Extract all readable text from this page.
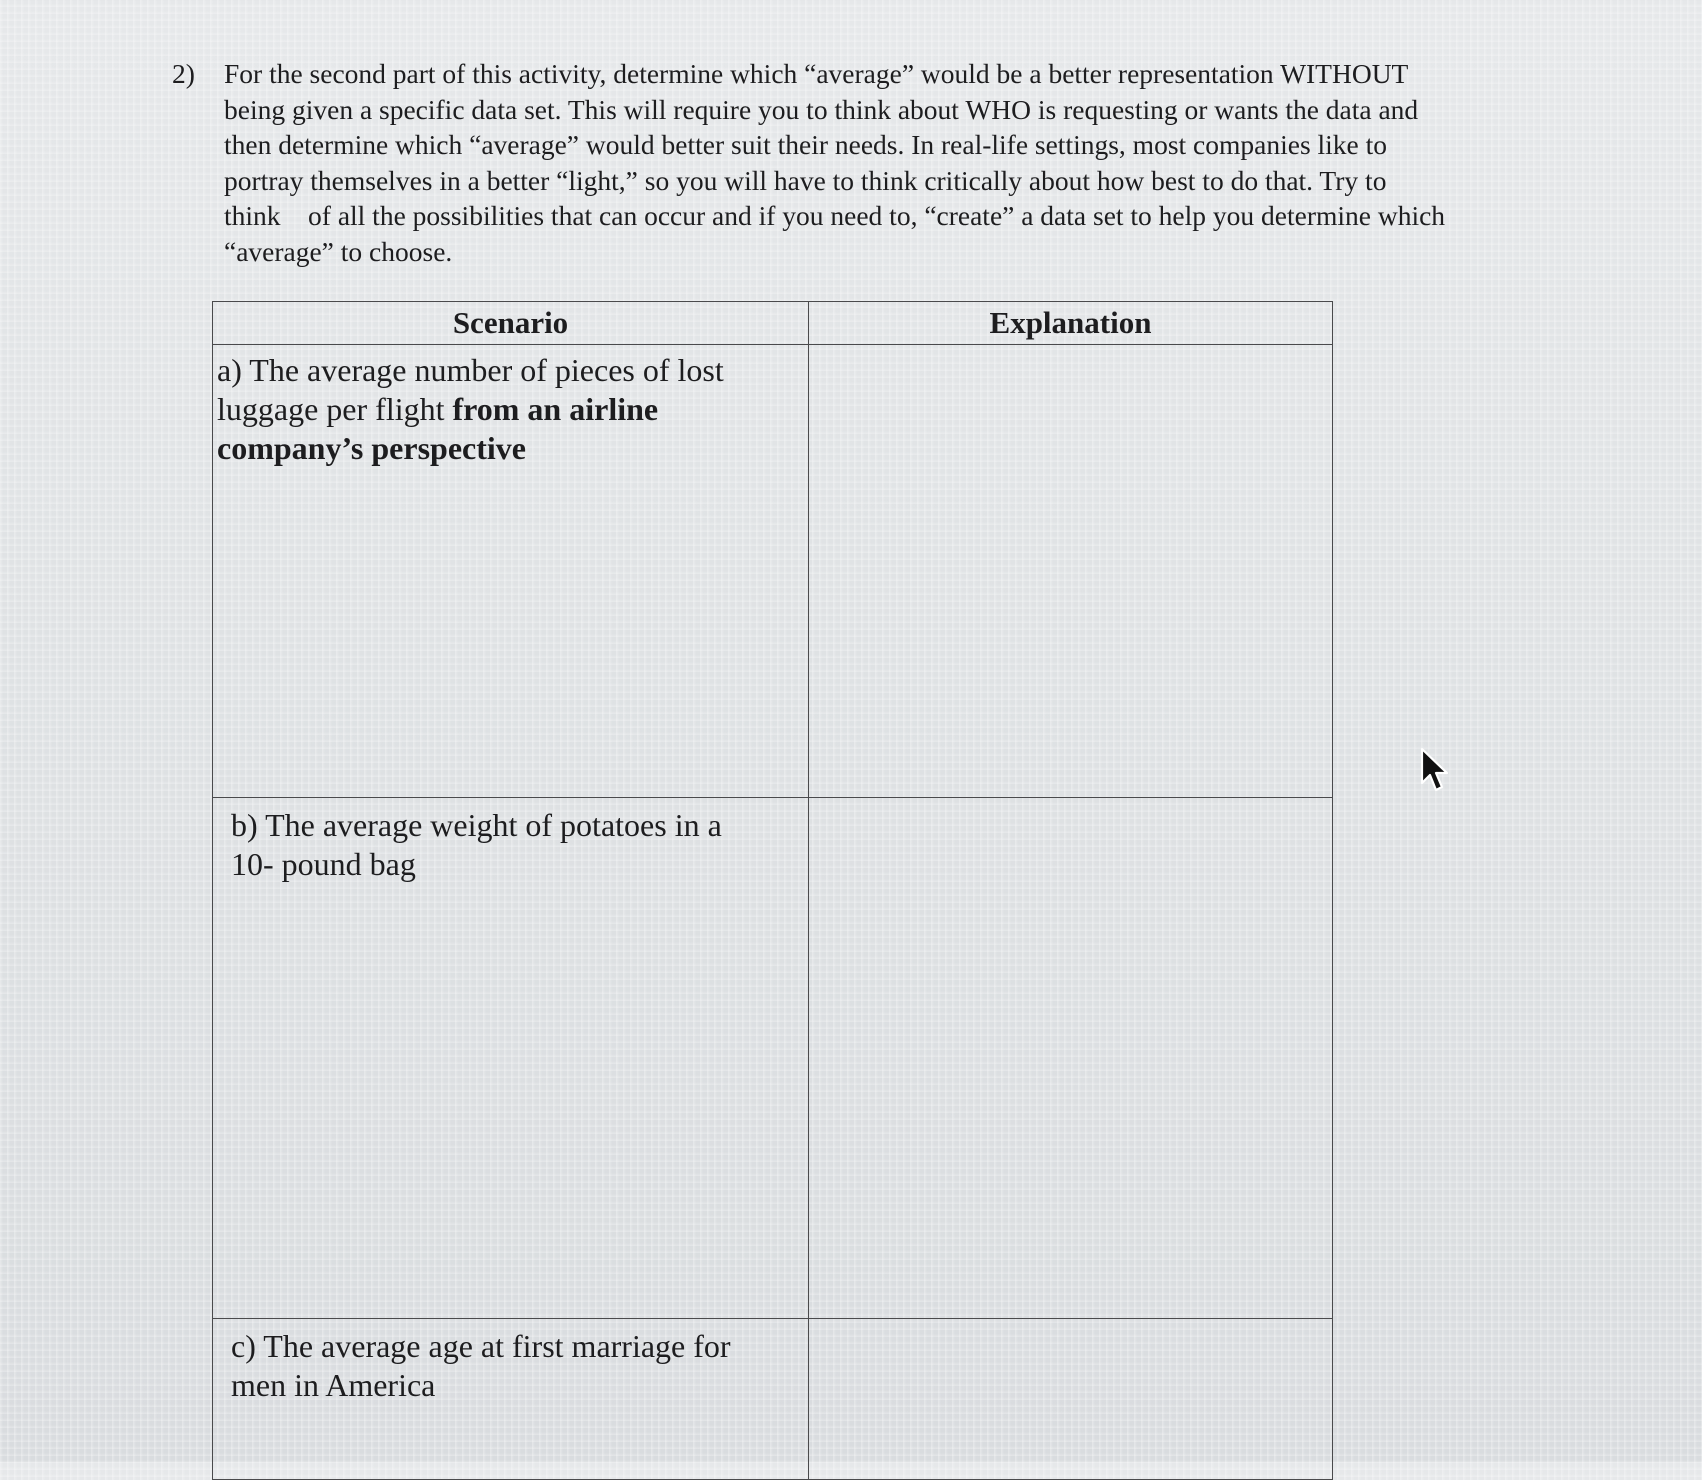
2)	For the second part of this activity, determine which “average” would be a better representation WITHOUT
being given a specific data set. This will require you to think about WHO is requesting or wants the data and
then determine which “average” would better suit their needs. In real-life settings, most companies like to
portray themselves in a better “light,” so you will have to think critically about how best to do that. Try to
think    of all the possibilities that can occur and if you need to, “create” a data set to help you determine which
“average” to choose.
Scenario	Explanation

a) The average number of pieces of lost
luggage per flight from an airline
company’s perspective	

b) The average weight of potatoes in a
10- pound bag	

c) The average age at first marriage for
men in America	
